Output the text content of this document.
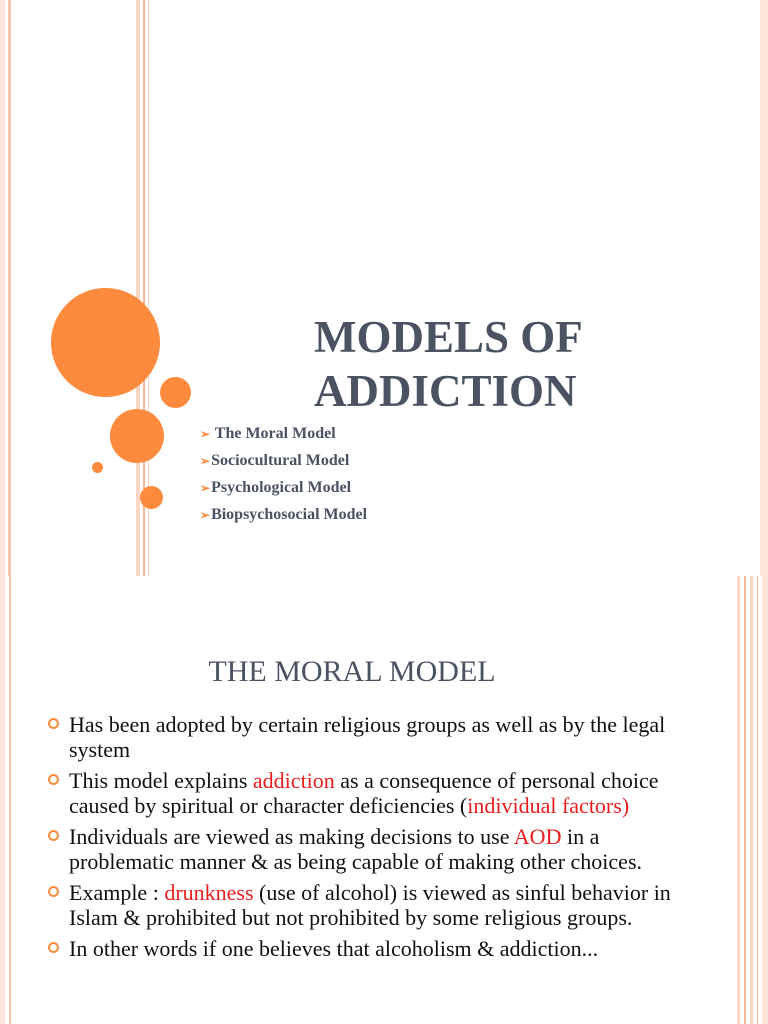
MODELS OF
ADDICTION
➢ The Moral Model
➢Sociocultural Model
➢Psychological Model
➢Biopsychosocial Model
THE MORAL MODEL
Has been adopted by certain religious groups as well as by the legal system
This model explains addiction as a consequence of personal choice caused by spiritual or character deficiencies (individual factors)
Individuals are viewed as making decisions to use AOD in a problematic manner & as being capable of making other choices.
Example : drunkness (use of alcohol) is viewed as sinful behavior in Islam & prohibited but not prohibited by some religious groups.
In other words if one believes that alcoholism & addiction...
